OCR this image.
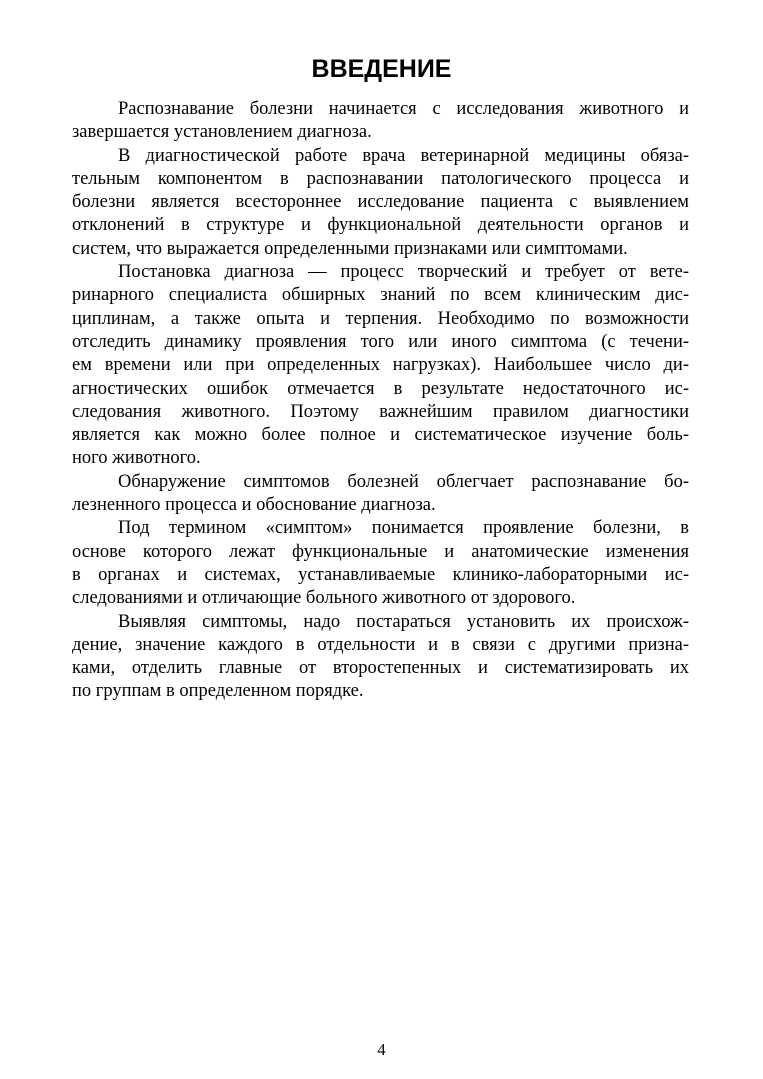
ВВЕДЕНИЕ
Распознавание болезни начинается с исследования животного и
завершается установлением диагноза.
В диагностической работе врача ветеринарной медицины обяза-
тельным компонентом в распознавании патологического процесса и
болезни является всестороннее исследование пациента с выявлением
отклонений в структуре и функциональной деятельности органов и
систем, что выражается определенными признаками или симптомами.
Постановка диагноза — процесс творческий и требует от вете-
ринарного специалиста обширных знаний по всем клиническим дис-
циплинам, а также опыта и терпения. Необходимо по возможности
отследить динамику проявления того или иного симптома (с течени-
ем времени или при определенных нагрузках). Наибольшее число ди-
агностических ошибок отмечается в результате недостаточного ис-
следования животного. Поэтому важнейшим правилом диагностики
является как можно более полное и систематическое изучение боль-
ного животного.
Обнаружение симптомов болезней облегчает распознавание бо-
лезненного процесса и обоснование диагноза.
Под термином «симптом» понимается проявление болезни, в
основе которого лежат функциональные и анатомические изменения
в органах и системах, устанавливаемые клинико-лабораторными ис-
следованиями и отличающие больного животного от здорового.
Выявляя симптомы, надо постараться установить их происхож-
дение, значение каждого в отдельности и в связи с другими призна-
ками, отделить главные от второстепенных и систематизировать их
по группам в определенном порядке.
4
